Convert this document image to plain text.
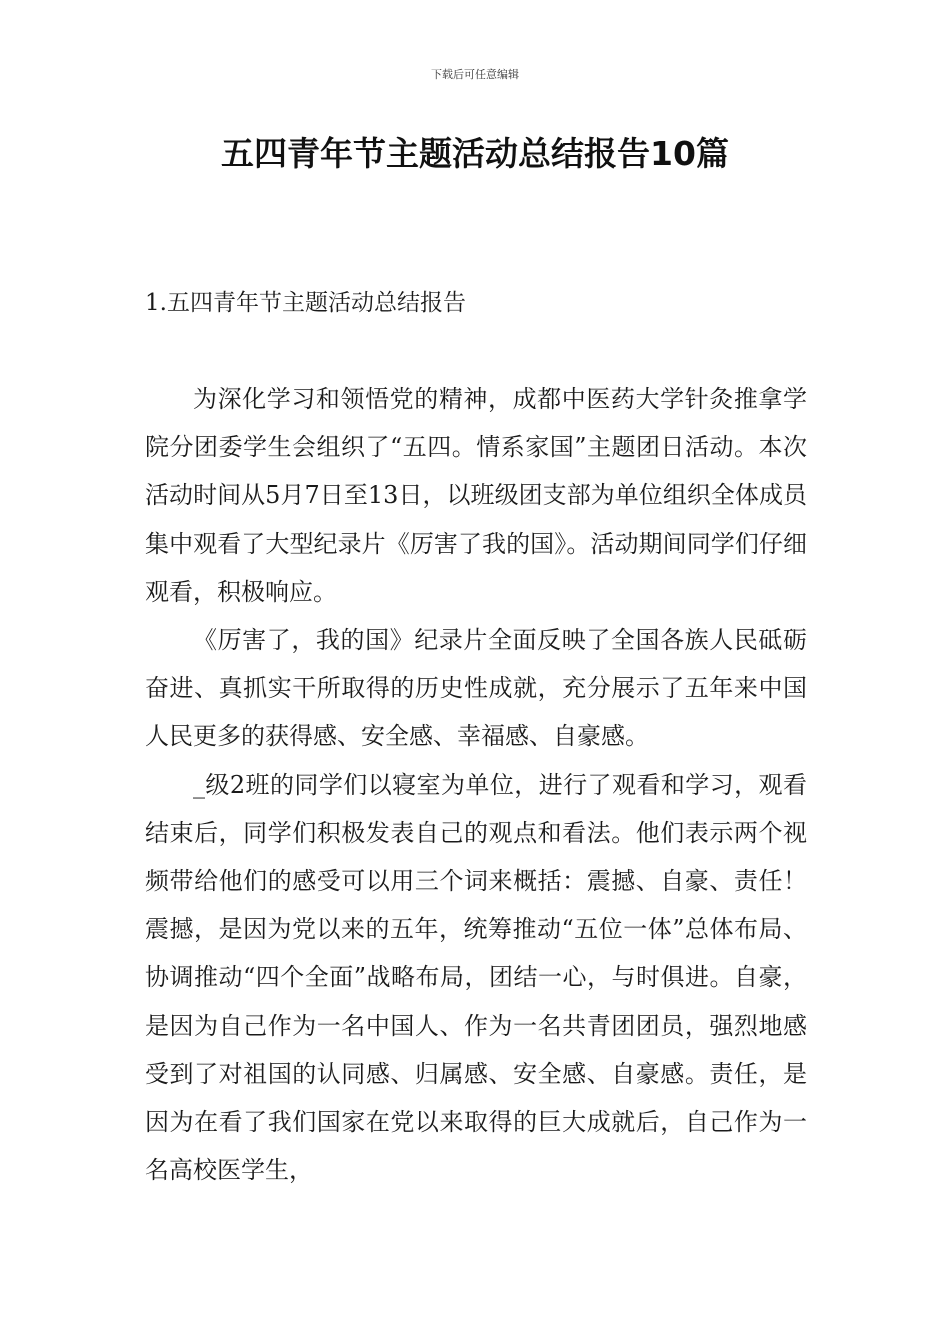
下载后可任意编辑
五四青年节主题活动总结报告10篇
1.五四青年节主题活动总结报告

为深化学习和领悟党的精神，成都中医药大学针灸推拿学院分团委学生会组织了“五四。情系家国”主题团日活动。本次活动时间从5月7日至13日，以班级团支部为单位组织全体成员集中观看了大型纪录片《厉害了我的国》。活动期间同学们仔细观看，积极响应。

《厉害了，我的国》纪录片全面反映了全国各族人民砥砺奋进、真抓实干所取得的历史性成就，充分展示了五年来中国人民更多的获得感、安全感、幸福感、自豪感。

_级2班的同学们以寝室为单位，进行了观看和学习，观看结束后，同学们积极发表自己的观点和看法。他们表示两个视频带给他们的感受可以用三个词来概括：震撼、自豪、责任！震撼，是因为党以来的五年，统筹推动“五位一体”总体布局、协调推动“四个全面”战略布局，团结一心，与时俱进。自豪，是因为自己作为一名中国人、作为一名共青团团员，强烈地感受到了对祖国的认同感、归属感、安全感、自豪感。责任，是因为在看了我们国家在党以来取得的巨大成就后，自己作为一名高校医学生，
